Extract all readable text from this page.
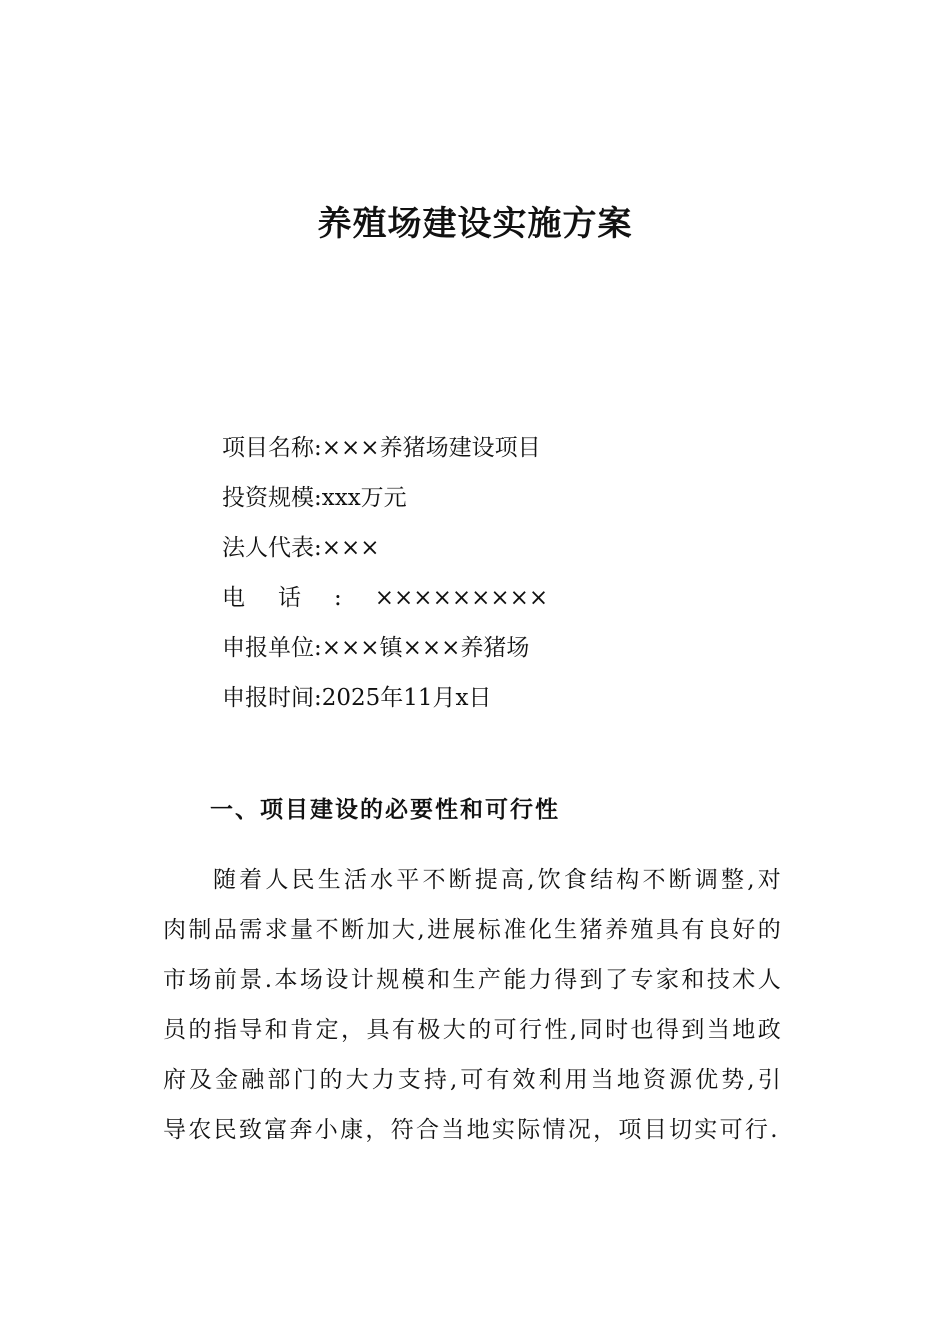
养殖场建设实施方案
项目名称:×××养猪场建设项目
投资规模:xxx万元
法人代表:×××
电话:×××××××××
申报单位:×××镇×××养猪场
申报时间:2025年11月x日
一、项目建设的必要性和可行性
随着人民生活水平不断提高,饮食结构不断调整,对肉制品需求量不断加大,进展标准化生猪养殖具有良好的市场前景.本场设计规模和生产能力得到了专家和技术人员的指导和肯定，具有极大的可行性,同时也得到当地政府及金融部门的大力支持,可有效利用当地资源优势,引导农民致富奔小康，符合当地实际情况，项目切实可行.
